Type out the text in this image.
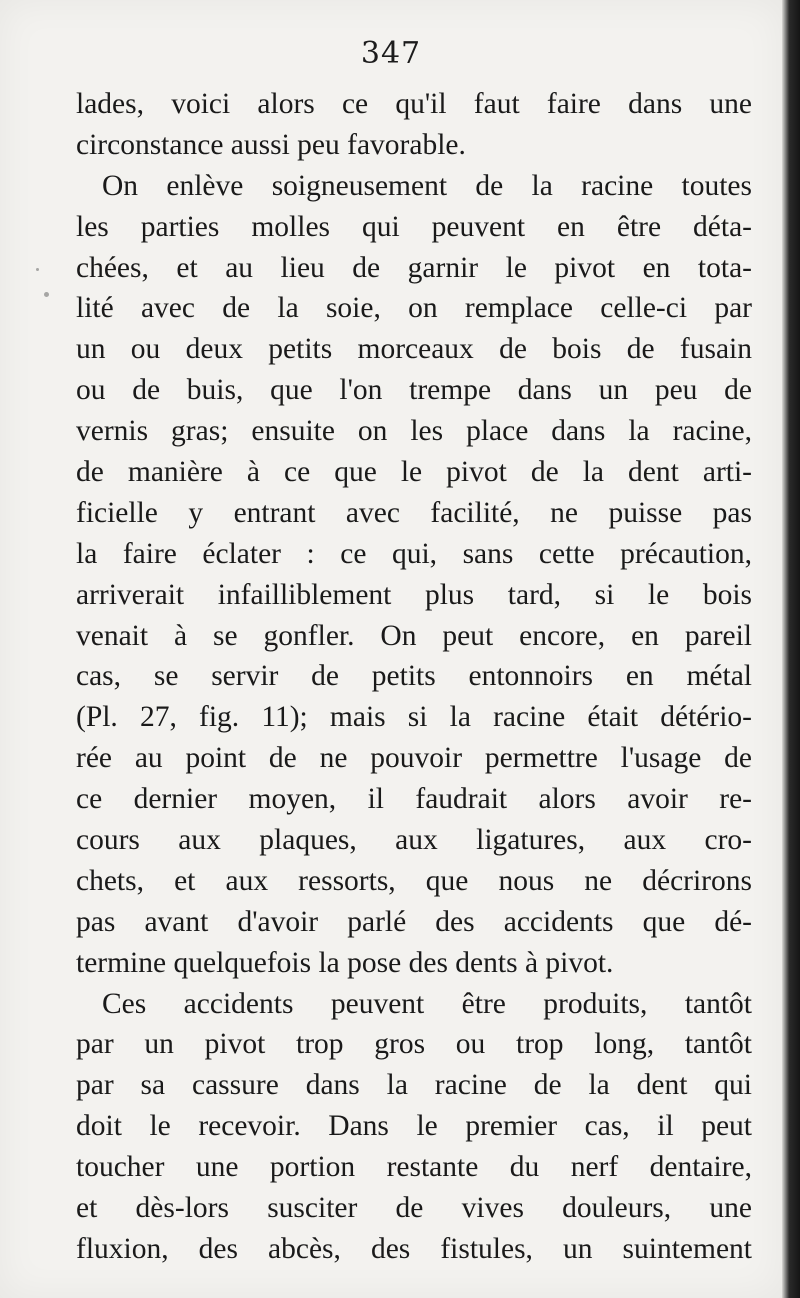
347
lades, voici alors ce qu'il faut faire dans une
circonstance aussi peu favorable.
On enlève soigneusement de la racine toutes
les parties molles qui peuvent en être déta-
chées, et au lieu de garnir le pivot en tota-
lité avec de la soie, on remplace celle-ci par
un ou deux petits morceaux de bois de fusain
ou de buis, que l'on trempe dans un peu de
vernis gras; ensuite on les place dans la racine,
de manière à ce que le pivot de la dent arti-
ficielle y entrant avec facilité, ne puisse pas
la faire éclater : ce qui, sans cette précaution,
arriverait infailliblement plus tard, si le bois
venait à se gonfler. On peut encore, en pareil
cas, se servir de petits entonnoirs en métal
(Pl. 27, fig. 11); mais si la racine était détério-
rée au point de ne pouvoir permettre l'usage de
ce dernier moyen, il faudrait alors avoir re-
cours aux plaques, aux ligatures, aux cro-
chets, et aux ressorts, que nous ne décrirons
pas avant d'avoir parlé des accidents que dé-
termine quelquefois la pose des dents à pivot.
Ces accidents peuvent être produits, tantôt
par un pivot trop gros ou trop long, tantôt
par sa cassure dans la racine de la dent qui
doit le recevoir. Dans le premier cas, il peut
toucher une portion restante du nerf dentaire,
et dès-lors susciter de vives douleurs, une
fluxion, des abcès, des fistules, un suintement
